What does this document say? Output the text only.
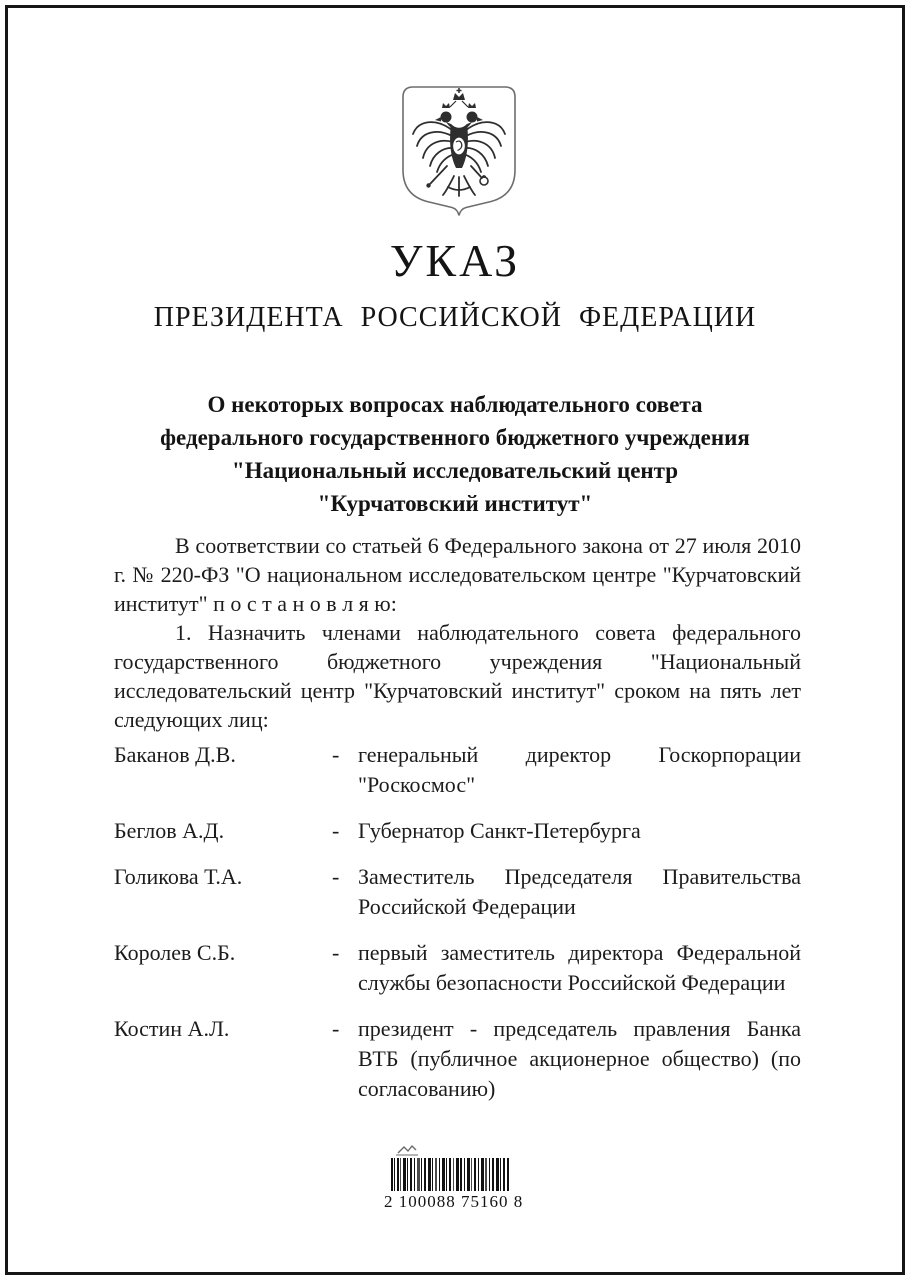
УКАЗ
ПРЕЗИДЕНТА РОССИЙСКОЙ ФЕДЕРАЦИИ
О некоторых вопросах наблюдательного совета
федерального государственного бюджетного учреждения
"Национальный исследовательский центр
"Курчатовский институт"

В соответствии со статьей 6 Федерального закона от 27 июля 2010 г. № 220-ФЗ "О национальном исследовательском центре "Курчатовский институт" п о с т а н о в л я ю:

1. Назначить членами наблюдательного совета федерального государственного бюджетного учреждения "Национальный исследовательский центр "Курчатовский институт" сроком на пять лет следующих лиц:

Баканов Д.В.	- генеральный директор Госкорпорации "Роскосмос"
Беглов А.Д.	- Губернатор Санкт-Петербурга
Голикова Т.А.	- Заместитель Председателя Правительства Российской Федерации
Королев С.Б.	- первый заместитель директора Федеральной службы безопасности Российской Федерации
Костин А.Л.	- президент - председатель правления Банка ВТБ (публичное акционерное общество) (по согласованию)
2 100088 75160 8
